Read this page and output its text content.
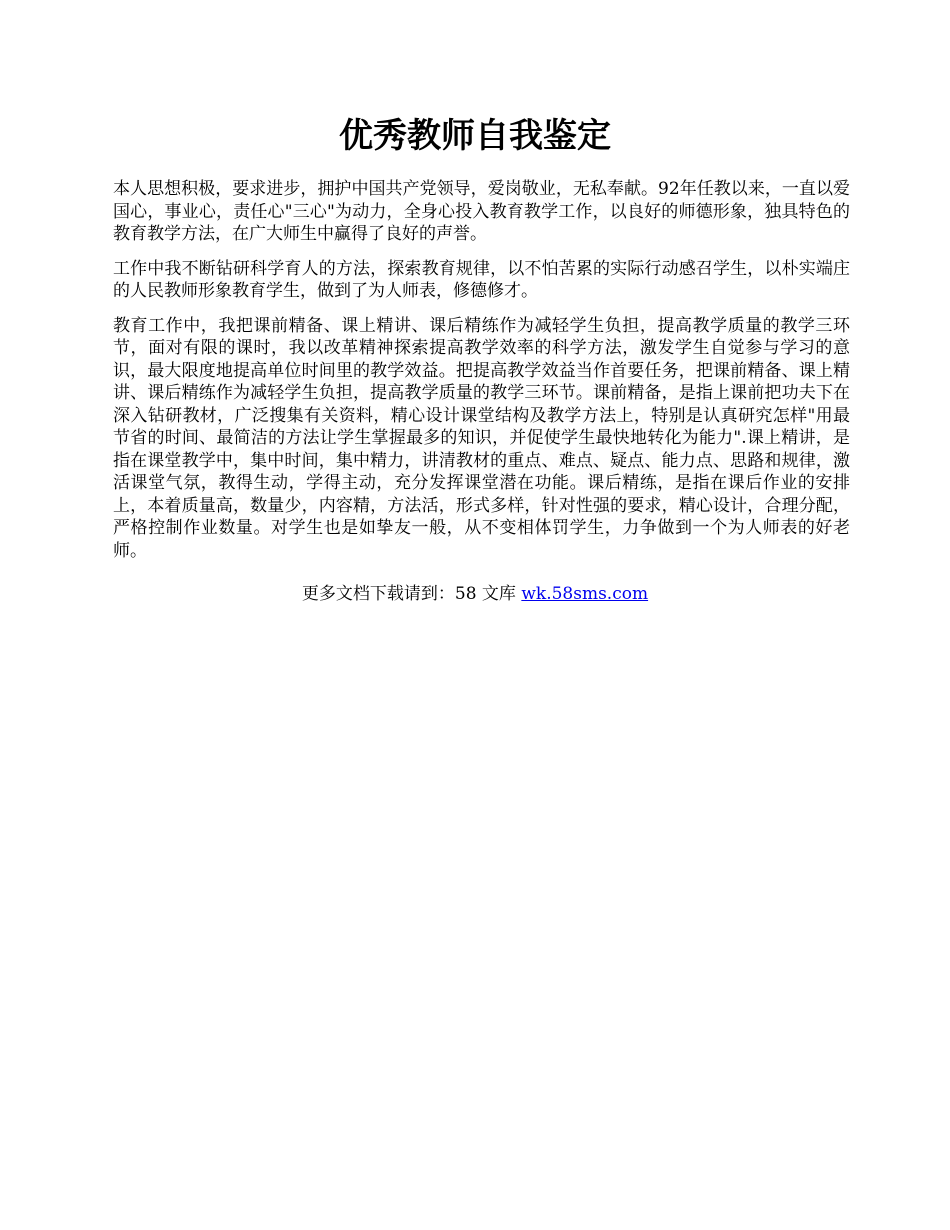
优秀教师自我鉴定

本人思想积极，要求进步，拥护中国共产党领导，爱岗敬业，无私奉献。92年任教以来，一直以爱国心，事业心，责任心"三心"为动力，全身心投入教育教学工作，以良好的师德形象，独具特色的教育教学方法，在广大师生中赢得了良好的声誉。

工作中我不断钻研科学育人的方法，探索教育规律，以不怕苦累的实际行动感召学生，以朴实端庄的人民教师形象教育学生，做到了为人师表，修德修才。

教育工作中，我把课前精备、课上精讲、课后精练作为减轻学生负担，提高教学质量的教学三环节，面对有限的课时，我以改革精神探索提高教学效率的科学方法，激发学生自觉参与学习的意识，最大限度地提高单位时间里的教学效益。把提高教学效益当作首要任务，把课前精备、课上精讲、课后精练作为减轻学生负担，提高教学质量的教学三环节。课前精备，是指上课前把功夫下在深入钻研教材，广泛搜集有关资料，精心设计课堂结构及教学方法上，特别是认真研究怎样"用最节省的时间、最简洁的方法让学生掌握最多的知识，并促使学生最快地转化为能力".课上精讲，是指在课堂教学中，集中时间，集中精力，讲清教材的重点、难点、疑点、能力点、思路和规律，激活课堂气氛，教得生动，学得主动，充分发挥课堂潜在功能。课后精练，是指在课后作业的安排上，本着质量高，数量少，内容精，方法活，形式多样，针对性强的要求，精心设计，合理分配，严格控制作业数量。对学生也是如挚友一般，从不变相体罚学生，力争做到一个为人师表的好老师。

更多文档下载请到：58 文库 wk.58sms.com
